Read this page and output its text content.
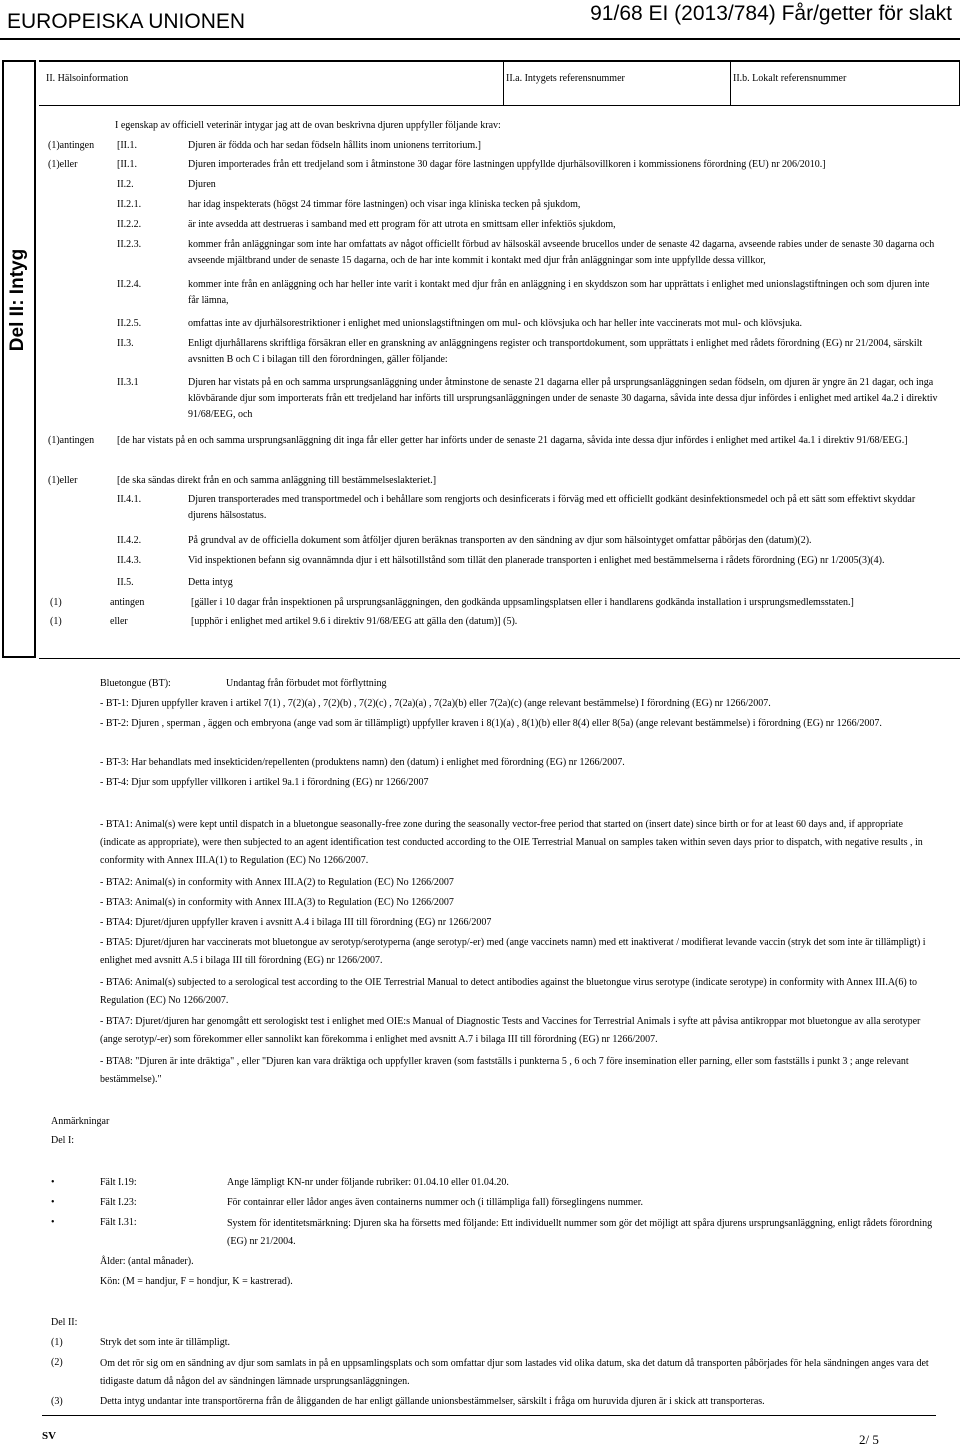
EUROPEISKA UNIONEN	91/68 EI (2013/784) Får/getter för slakt
Del II: Intyg
II. Hälsoinformation	II.a. Intygets referensnummer	II.b. Lokalt referensnummer
I egenskap av officiell veterinär intygar jag att de ovan beskrivna djuren uppfyller följande krav:
(1)antingen [II.1.	Djuren är födda och har sedan födseln hållits inom unionens territorium.]
(1)eller	[II.1.	Djuren importerades från ett tredjeland som i åtminstone 30 dagar före lastningen uppfyllde djurhälsovillkoren i kommissionens förordning (EU) nr 206/2010.]
II.2.	Djuren
II.2.1.	har idag inspekterats (högst 24 timmar före lastningen) och visar inga kliniska tecken på sjukdom,
II.2.2.	är inte avsedda att destrueras i samband med ett program för att utrota en smittsam eller infektiös sjukdom,
II.2.3.	kommer från anläggningar som inte har omfattats av något officiellt förbud av hälsoskäl avseende brucellos under de senaste 42 dagarna, avseende rabies under de senaste 30 dagarna och avseende mjältbrand under de senaste 15 dagarna, och de har inte kommit i kontakt med djur från anläggningar som inte uppfyllde dessa villkor,
II.2.4.	kommer inte från en anläggning och har heller inte varit i kontakt med djur från en anläggning i en skyddszon som har upprättats i enlighet med unionslagstiftningen och som djuren inte får lämna,
II.2.5.	omfattas inte av djurhälsorestriktioner i enlighet med unionslagstiftningen om mul- och klövsjuka och har heller inte vaccinerats mot mul- och klövsjuka.
II.3.	Enligt djurhållarens skriftliga försäkran eller en granskning av anläggningens register och transportdokument, som upprättats i enlighet med rådets förordning (EG) nr 21/2004, särskilt avsnitten B och C i bilagan till den förordningen, gäller följande:
II.3.1	Djuren har vistats på en och samma ursprungsanläggning under åtminstone de senaste 21 dagarna eller på ursprungsanläggningen sedan födseln, om djuren är yngre än 21 dagar, och inga klövbärande djur som importerats från ett tredjeland har införts till ursprungsanläggningen under de senaste 30 dagarna, såvida inte dessa djur infördes i enlighet med artikel 4a.2 i direktiv 91/68/EEG, och
(1)antingen [de har vistats på en och samma ursprungsanläggning dit inga får eller getter har införts under de senaste 21 dagarna, såvida inte dessa djur infördes i enlighet med artikel 4a.1 i direktiv 91/68/EEG.]
(1)eller	[de ska sändas direkt från en och samma anläggning till bestämmelseslakteriet.]
II.4.1.	Djuren transporterades med transportmedel och i behållare som rengjorts och desinficerats i förväg med ett officiellt godkänt desinfektionsmedel och på ett sätt som effektivt skyddar djurens hälsostatus.
II.4.2.	På grundval av de officiella dokument som åtföljer djuren beräknas transporten av den sändning av djur som hälsointyget omfattar påbörjas den (datum)(2).
II.4.3.	Vid inspektionen befann sig ovannämnda djur i ett hälsotillstånd som tillät den planerade transporten i enlighet med bestämmelserna i rådets förordning (EG) nr 1/2005(3)(4).
II.5.	Detta intyg
(1)	antingen	[gäller i 10 dagar från inspektionen på ursprungsanläggningen, den godkända uppsamlingsplatsen eller i handlarens godkända installation i ursprungsmedlemsstaten.]
(1)	eller	[upphör i enlighet med artikel 9.6 i direktiv 91/68/EEG att gälla den (datum)] (5).
Bluetongue (BT):	Undantag från förbudet mot förflyttning
- BT-1: Djuren uppfyller kraven i artikel 7(1) , 7(2)(a) , 7(2)(b) , 7(2)(c) , 7(2a)(a) , 7(2a)(b) eller 7(2a)(c) (ange relevant bestämmelse) I förordning (EG) nr 1266/2007.
- BT-2: Djuren , sperman , äggen och embryona (ange vad som är tillämpligt) uppfyller kraven i 8(1)(a) , 8(1)(b) eller 8(4) eller 8(5a) (ange relevant bestämmelse) i förordning (EG) nr 1266/2007.
- BT-3: Har behandlats med insekticiden/repellenten (produktens namn) den (datum) i enlighet med förordning (EG) nr 1266/2007.
- BT-4: Djur som uppfyller villkoren i artikel 9a.1 i förordning (EG) nr 1266/2007
- BTA1: Animal(s) were kept until dispatch in a bluetongue seasonally-free zone during the seasonally vector-free period that started on (insert date) since birth or for at least 60 days and, if appropriate (indicate as appropriate), were then subjected to an agent identification test conducted according to the OIE Terrestrial Manual on samples taken within seven days prior to dispatch, with negative results , in conformity with Annex III.A(1) to Regulation (EC) No 1266/2007.
- BTA2: Animal(s) in conformity with Annex III.A(2) to Regulation (EC) No 1266/2007
- BTA3: Animal(s) in conformity with Annex III.A(3) to Regulation (EC) No 1266/2007
- BTA4: Djuret/djuren uppfyller kraven i avsnitt A.4 i bilaga III till förordning (EG) nr 1266/2007
- BTA5: Djuret/djuren har vaccinerats mot bluetongue av serotyp/serotyperna (ange serotyp/-er) med (ange vaccinets namn) med ett inaktiverat / modifierat levande vaccin (stryk det som inte är tillämpligt) i enlighet med avsnitt A.5 i bilaga III till förordning (EG) nr 1266/2007.
- BTA6: Animal(s) subjected to a serological test according to the OIE Terrestrial Manual to detect antibodies against the bluetongue virus serotype (indicate serotype) in conformity with Annex III.A(6) to Regulation (EC) No 1266/2007.
- BTA7: Djuret/djuren har genomgått ett serologiskt test i enlighet med OIE:s Manual of Diagnostic Tests and Vaccines for Terrestrial Animals i syfte att påvisa antikroppar mot bluetongue av alla serotyper (ange serotyp/-er) som förekommer eller sannolikt kan förekomma i enlighet med avsnitt A.7 i bilaga III till förordning (EG) nr 1266/2007.
- BTA8: "Djuren är inte dräktiga" , eller "Djuren kan vara dräktiga och uppfyller kraven (som fastställs i punkterna 5 , 6 och 7 före insemination eller parning, eller som fastställs i punkt 3 ; ange relevant bestämmelse)."
Anmärkningar
Del I:
•	Fält I.19:	Ange lämpligt KN-nr under följande rubriker: 01.04.10 eller 01.04.20.
•	Fält I.23:	För containrar eller lådor anges även containerns nummer och (i tillämpliga fall) förseglingens nummer.
•	Fält I.31:	System för identitetsmärkning: Djuren ska ha försetts med följande: Ett individuellt nummer som gör det möjligt att spåra djurens ursprungsanläggning, enligt rådets förordning (EG) nr 21/2004.
Ålder: (antal månader).
Kön: (M = handjur, F = hondjur, K = kastrerad).
Del II:
(1)	Stryk det som inte är tillämpligt.
(2)	Om det rör sig om en sändning av djur som samlats in på en uppsamlingsplats och som omfattar djur som lastades vid olika datum, ska det datum då transporten påbörjades för hela sändningen anges vara det tidigaste datum då någon del av sändningen lämnade ursprungsanläggningen.
(3)	Detta intyg undantar inte transportörerna från de åligganden de har enligt gällande unionsbestämmelser, särskilt i fråga om huruvida djuren är i skick att transporteras.
SV	2/ 5
